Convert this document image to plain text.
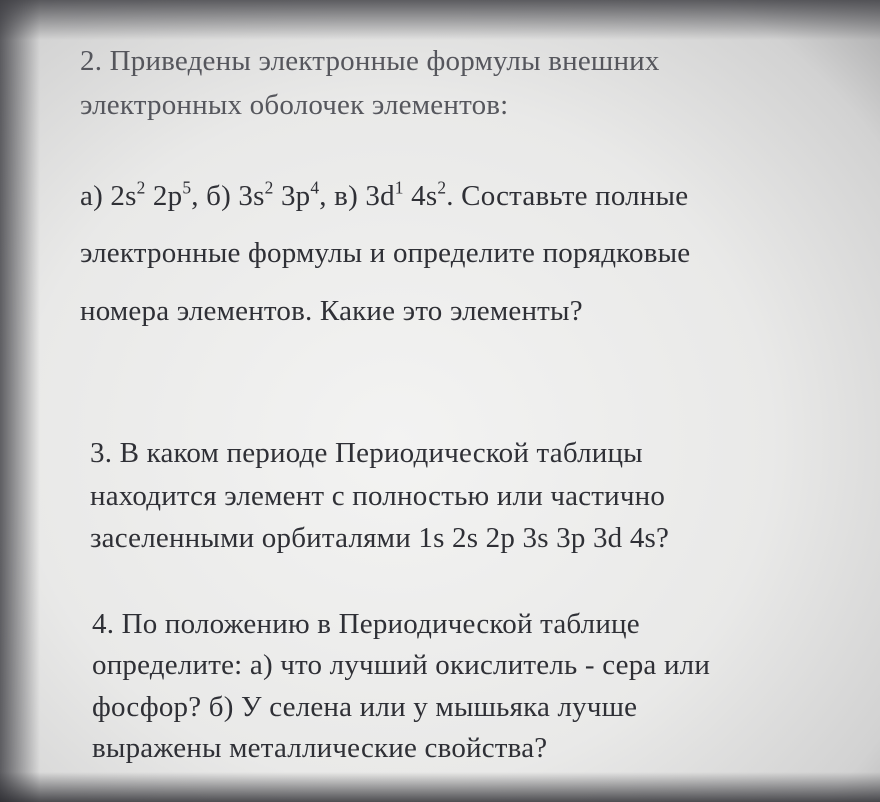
2. Приведены электронные формулы внешних
электронных оболочек элементов:
а) $2s^2$ $2p^5$, б) $3s^2$ $3p^4$, в) $3d^1$ $4s^2$. Составьте полные
электронные формулы и определите порядковые
номера элементов. Какие это элементы?
3. В каком периоде Периодической таблицы
находится элемент с полностью или частично
заселенными орбиталями 1s 2s 2p 3s 3p 3d 4s?
4. По положению в Периодической таблице
определите: а) что лучший окислитель - сера или
фосфор? б) У селена или у мышьяка лучше
выражены металлические свойства?
